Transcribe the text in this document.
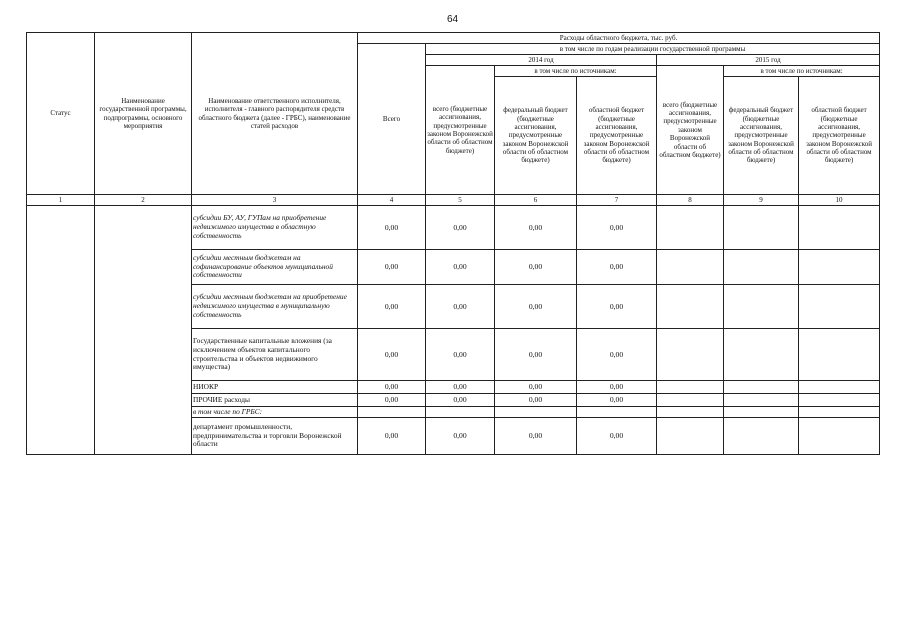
64
Статус	Наименование государственной программы, подпрограммы, основного мероприятия	Наименование ответственного исполнителя, исполнителя - главного распорядителя средств областного бюджета (далее - ГРБС), наименование статей расходов	Расходы областного бюджета, тыс. руб.						
			Всего	в том числе по годам реализации государственной программы					
				2014 год			2015 год		
				всего (бюджетные ассигнования, предусмотренные законом Воронежской области об областном бюджете)	в том числе по источникам:		всего (бюджетные ассигнования, предусмотренные законом Воронежской области об областном бюджете)	в том числе по источникам:	
					федеральный бюджет (бюджетные ассигнования, предусмотренные законом Воронежской области об областном бюджете)	областной бюджет (бюджетные ассигнования, предусмотренные законом Воронежской области об областном бюджете)		федеральный бюджет (бюджетные ассигнования, предусмотренные законом Воронежской области об областном бюджете)	областной бюджет (бюджетные ассигнования, предусмотренные законом Воронежской области об областном бюджете)

1	2	3	4	5	6	7	8	9	10
		субсидии БУ, АУ, ГУПам на приобретение недвижимого имущества в областную собственность	0,00	0,00	0,00	0,00			
		субсидии местным бюджетам на софинансирование объектов муниципальной собственности	0,00	0,00	0,00	0,00			
		субсидии местным бюджетам на приобретение недвижимого имущества в муниципальную собственность	0,00	0,00	0,00	0,00			
		Государственные капитальные вложения (за исключением объектов капитального строительства и объектов недвижимого имущества)	0,00	0,00	0,00	0,00			
		НИОКР	0,00	0,00	0,00	0,00			
		ПРОЧИЕ расходы	0,00	0,00	0,00	0,00			
		в том числе по ГРБС:							
		департамент промышленности, предпринимательства и торговли Воронежской области	0,00	0,00	0,00	0,00			
